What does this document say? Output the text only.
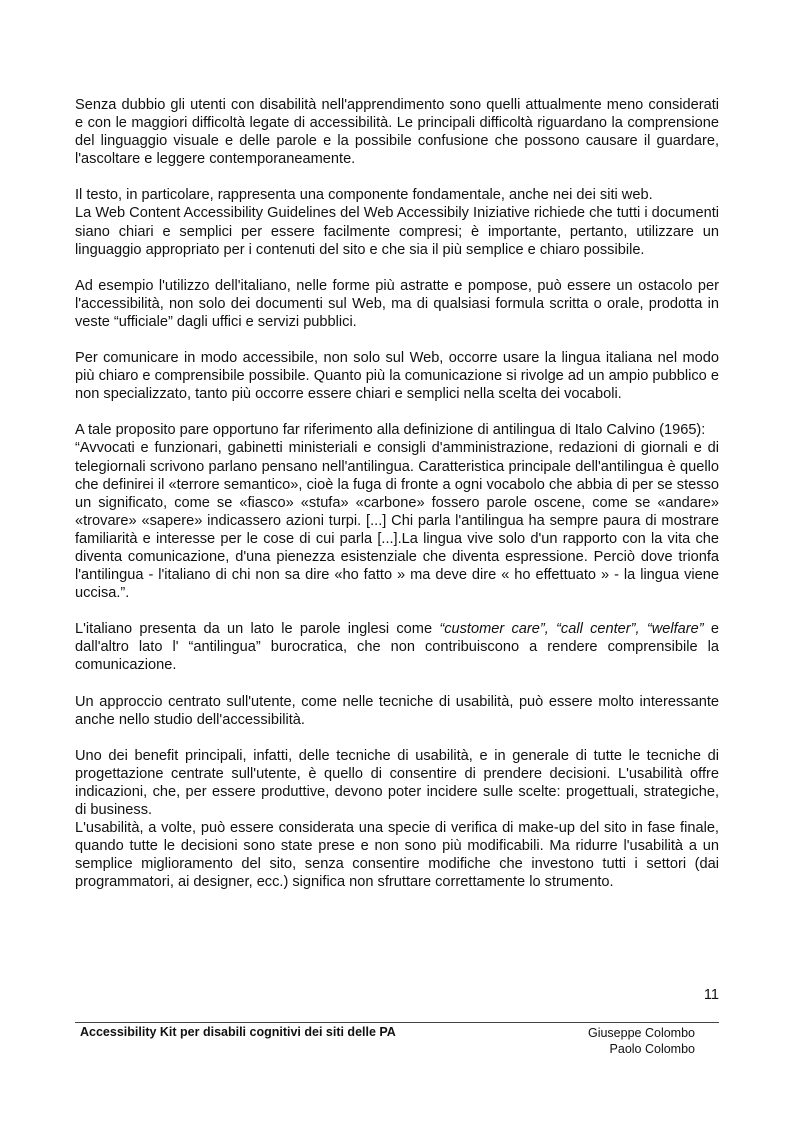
Senza dubbio gli utenti con disabilità nell'apprendimento sono quelli attualmente meno considerati e con le maggiori difficoltà legate di accessibilità. Le principali difficoltà riguardano la comprensione del linguaggio visuale e delle parole e la possibile confusione che possono causare il guardare, l'ascoltare e leggere contemporaneamente.

Il testo, in particolare, rappresenta una componente fondamentale, anche nei dei siti web.
La Web Content Accessibility Guidelines del Web Accessibily Iniziative richiede che tutti i documenti siano chiari e semplici per essere facilmente compresi; è importante, pertanto, utilizzare un linguaggio appropriato per i contenuti del sito e che sia il più semplice e chiaro possibile.

Ad esempio l'utilizzo dell'italiano, nelle forme più astratte e pompose, può essere un ostacolo per l'accessibilità, non solo dei documenti sul Web, ma di qualsiasi formula scritta o orale, prodotta in veste “ufficiale” dagli uffici e servizi pubblici.

Per comunicare in modo accessibile, non solo sul Web, occorre usare la lingua italiana nel modo più chiaro e comprensibile possibile. Quanto più la comunicazione si rivolge ad un ampio pubblico e non specializzato, tanto più occorre essere chiari e semplici nella scelta dei vocaboli.

A tale proposito pare opportuno far riferimento alla definizione di antilingua di Italo Calvino (1965):
“Avvocati e funzionari, gabinetti ministeriali e consigli d'amministrazione, redazioni di giornali e di telegiornali scrivono parlano pensano nell'antilingua. Caratteristica principale dell'antilingua è quello che definirei il «terrore semantico», cioè la fuga di fronte a ogni vocabolo che abbia di per se stesso un significato, come se «fiasco» «stufa» «carbone» fossero parole oscene, come se «andare» «trovare» «sapere» indicassero azioni turpi. [...] Chi parla l'antilingua ha sempre paura di mostrare familiarità e interesse per le cose di cui parla [...].La lingua vive solo d'un rapporto con la vita che diventa comunicazione, d'una pienezza esistenziale che diventa espressione. Perciò dove trionfa l'antilingua - l'italiano di chi non sa dire «ho fatto » ma deve dire « ho effettuato » - la lingua viene uccisa.”.

L'italiano presenta da un lato le parole inglesi come “customer care”, “call center”, “welfare” e dall'altro lato l' “antilingua” burocratica, che non contribuiscono a rendere comprensibile la comunicazione.

Un approccio centrato sull'utente, come nelle tecniche di usabilità, può essere molto interessante anche nello studio dell'accessibilità.

Uno dei benefit principali, infatti, delle tecniche di usabilità, e in generale di tutte le tecniche di progettazione centrate sull'utente, è quello di consentire di prendere decisioni. L'usabilità offre indicazioni, che, per essere produttive, devono poter incidere sulle scelte: progettuali, strategiche, di business.
L'usabilità, a volte, può essere considerata una specie di verifica di make-up del sito in fase finale, quando tutte le decisioni sono state prese e non sono più modificabili. Ma ridurre l'usabilità a un semplice miglioramento del sito, senza consentire modifiche che investono tutti i settori (dai programmatori, ai designer, ecc.) significa non sfruttare correttamente lo strumento.

11
Accessibility Kit per disabili cognitivi dei siti delle PA	Giuseppe Colombo
Paolo Colombo
